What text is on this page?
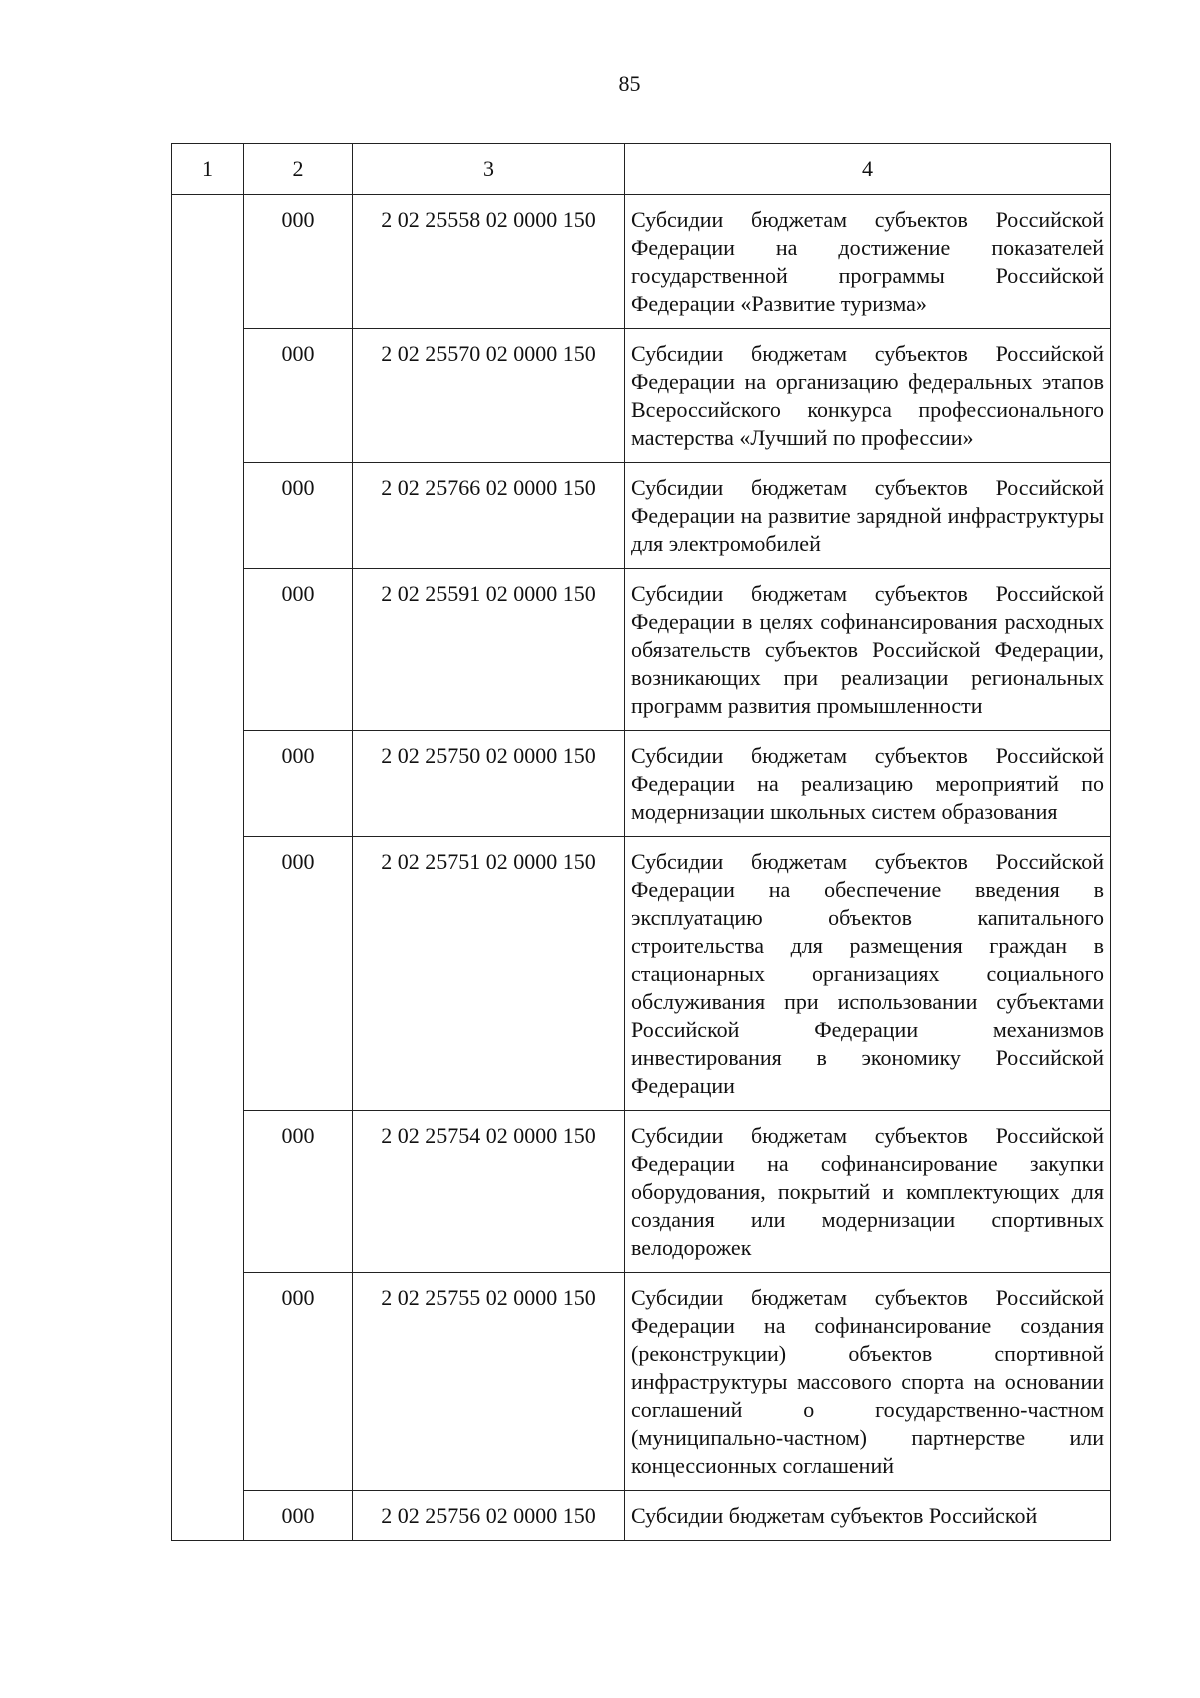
85
1	2	3	4
	000	2 02 25558 02 0000 150	Субсидии бюджетам субъектов Российской Федерации на достижение показателей государственной программы Российской Федерации «Развитие туризма»
	000	2 02 25570 02 0000 150	Субсидии бюджетам субъектов Российской Федерации на организацию федеральных этапов Всероссийского конкурса профессионального мастерства «Лучший по профессии»
	000	2 02 25766 02 0000 150	Субсидии бюджетам субъектов Российской Федерации на развитие зарядной инфраструктуры для электромобилей
	000	2 02 25591 02 0000 150	Субсидии бюджетам субъектов Российской Федерации в целях софинансирования расходных обязательств субъектов Российской Федерации, возникающих при реализации региональных программ развития промышленности
	000	2 02 25750 02 0000 150	Субсидии бюджетам субъектов Российской Федерации на реализацию мероприятий по модернизации школьных систем образования
	000	2 02 25751 02 0000 150	Субсидии бюджетам субъектов Российской Федерации на обеспечение введения в эксплуатацию объектов капитального строительства для размещения граждан в стационарных организациях социального обслуживания при использовании субъектами Российской Федерации механизмов инвестирования в экономику Российской Федерации
	000	2 02 25754 02 0000 150	Субсидии бюджетам субъектов Российской Федерации на софинансирование закупки оборудования, покрытий и комплектующих для создания или модернизации спортивных велодорожек
	000	2 02 25755 02 0000 150	Субсидии бюджетам субъектов Российской Федерации на софинансирование создания (реконструкции) объектов спортивной инфраструктуры массового спорта на основании соглашений о государственно-частном (муниципально-частном) партнерстве или концессионных соглашений
	000	2 02 25756 02 0000 150	Субсидии бюджетам субъектов Российской
